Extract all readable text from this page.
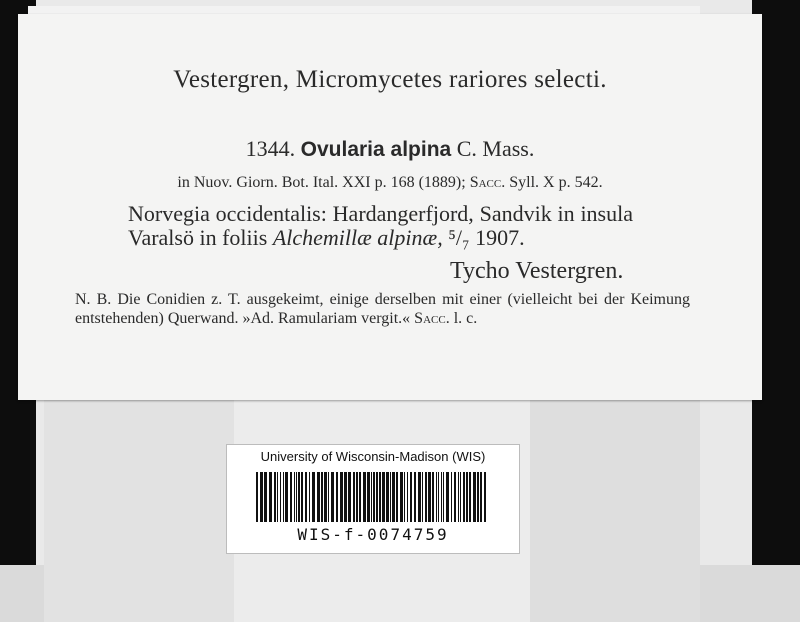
Vestergren, Micromycetes rariores selecti.
1344. Ovularia alpina C. Mass.
in Nuov. Giorn. Bot. Ital. XXI p. 168 (1889); Sacc. Syll. X p. 542.
Norvegia occidentalis: Hardangerfjord, Sandvik in insula Varalsö in foliis Alchemillæ alpinæ, ⁵/₇ 1907.
Tycho Vestergren.
N. B. Die Conidien z. T. ausgekeimt, einige derselben mit einer (vielleicht bei der Keimung entstehenden) Querwand. »Ad. Ramulariam vergit.« Sacc. l. c.
University of Wisconsin-Madison (WIS)
WIS-f-0074759
